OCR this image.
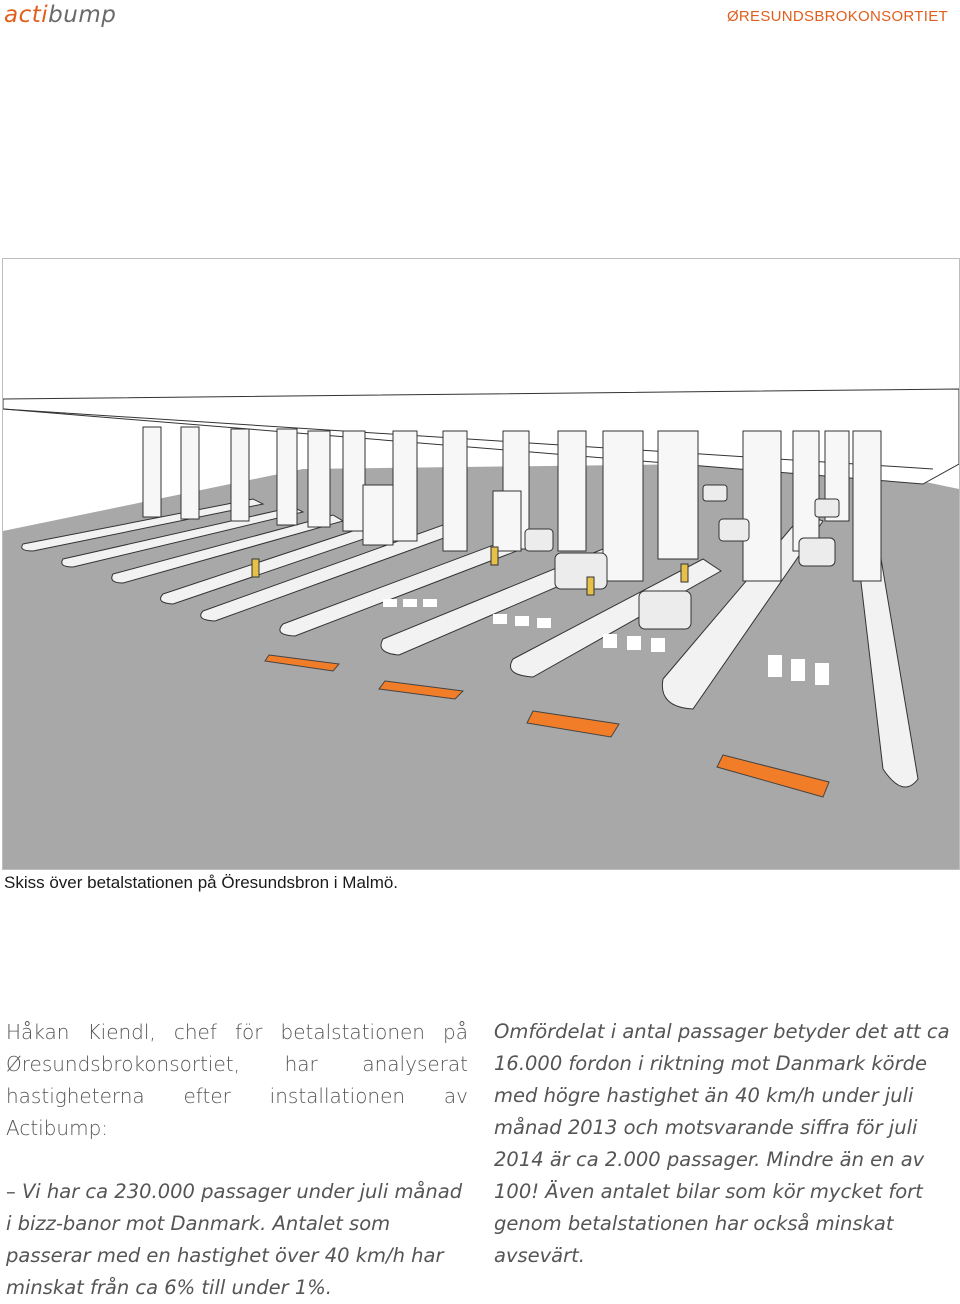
actibump	ØRESUNDSBROKONSORTIET
Skiss över betalstationen på Öresundsbron i Malmö.

Håkan Kiendl, chef för betalstationen på Øresundsbrokonsortiet, har analyserat hastigheterna efter installationen av Actibump:

– Vi har ca 230.000 passager under juli månad i bizz-banor mot Danmark. Antalet som passerar med en hastighet över 40 km/h har minskat från ca 6% till under 1%.

Omfördelat i antal passager betyder det att ca 16.000 fordon i riktning mot Danmark körde med högre hastighet än 40 km/h under juli månad 2013 och motsvarande siffra för juli 2014 är ca 2.000 passager. Mindre än en av 100! Även antalet bilar som kör mycket fort genom betalstationen har också minskat avsevärt.
